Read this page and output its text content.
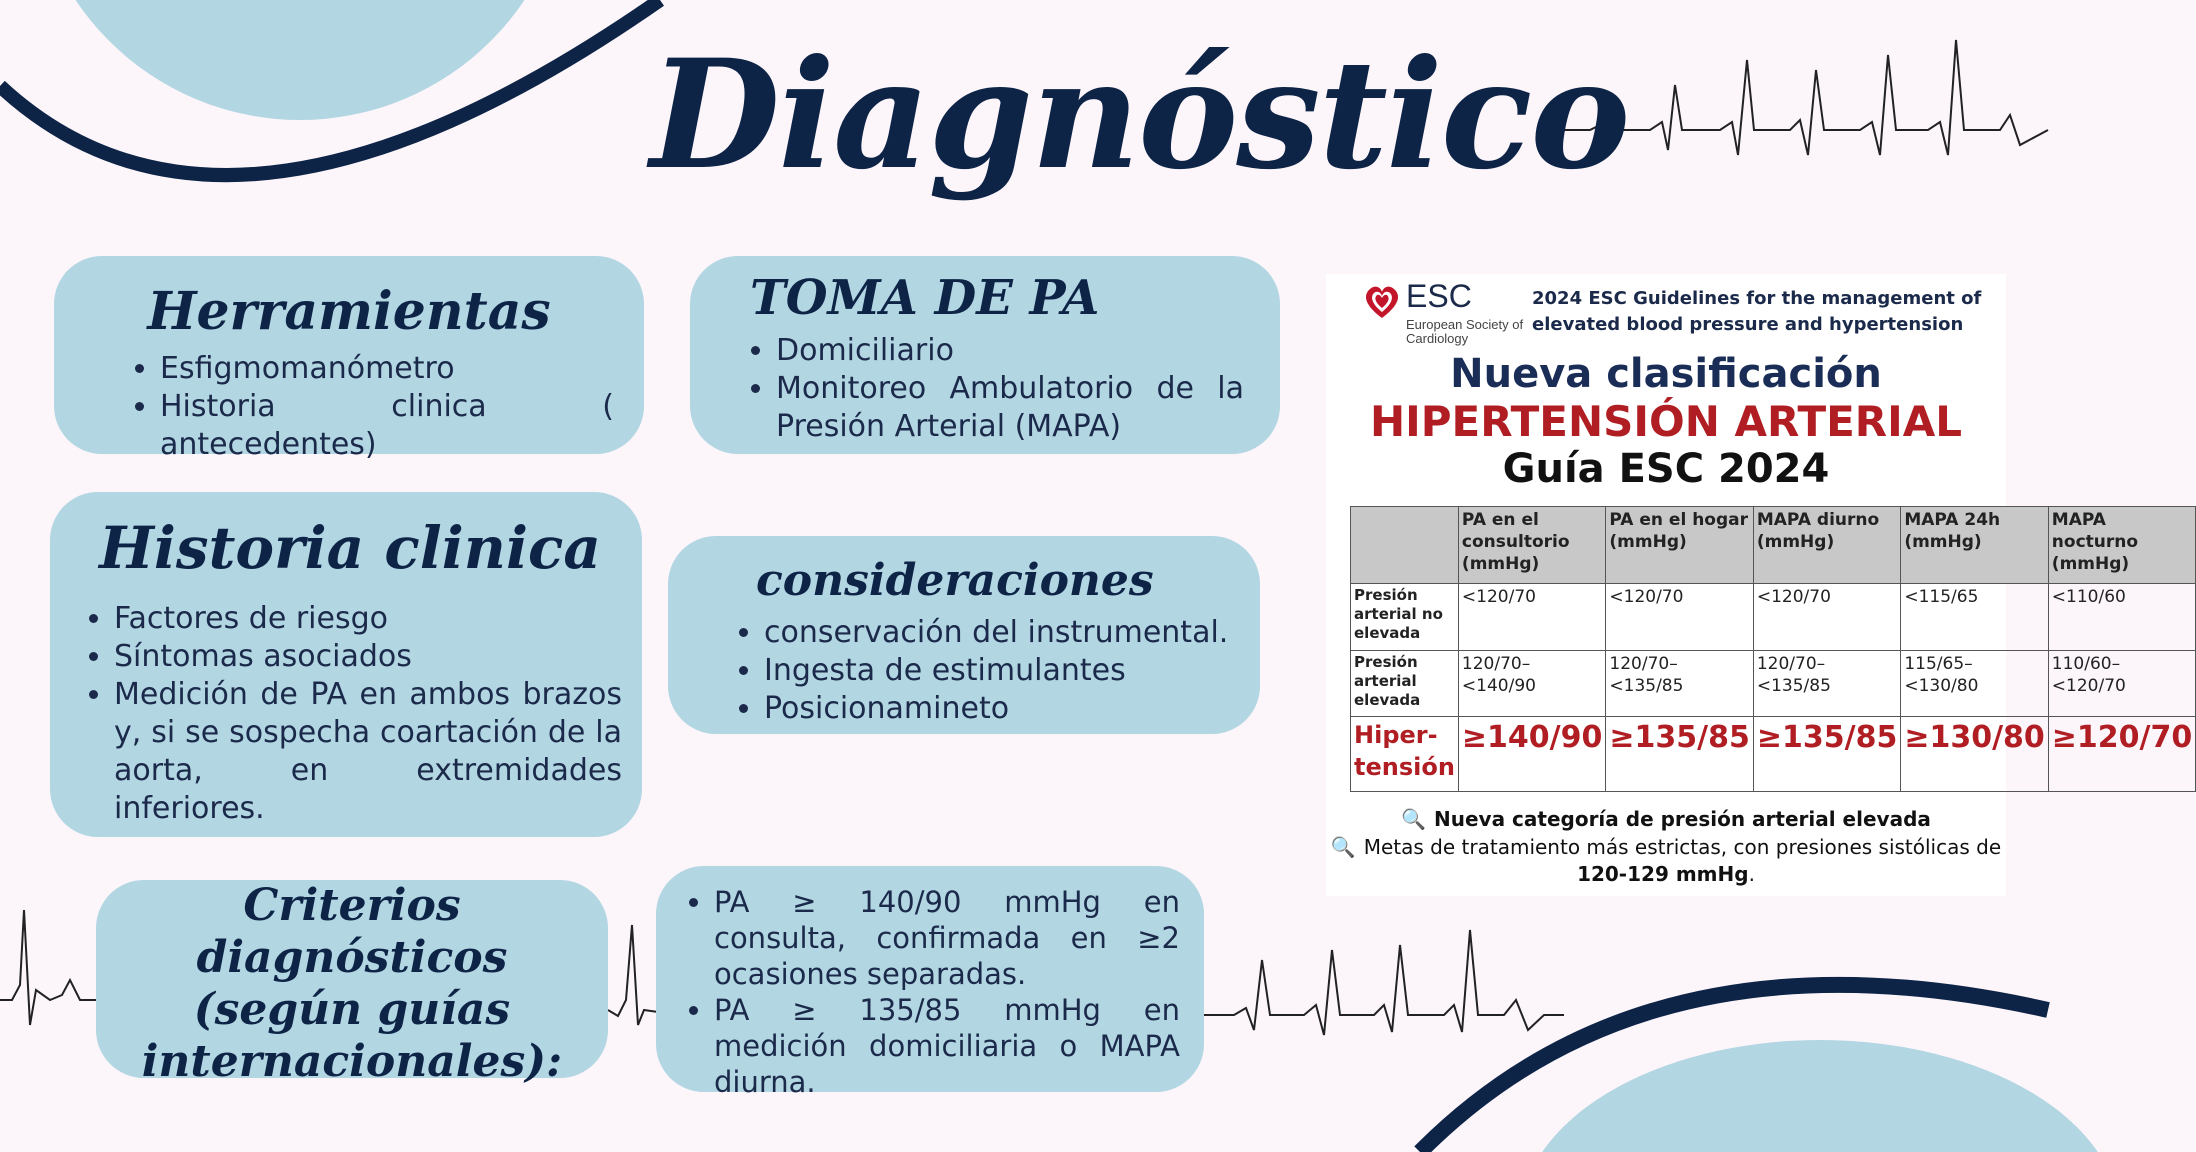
Diagnóstico
Herramientas
• Esfigmomanómetro
• Historia clinica ( antecedentes)
TOMA DE PA
• Domiciliario
• Monitoreo Ambulatorio de la Presión Arterial (MAPA)
Historia clinica
• Factores de riesgo
• Síntomas asociados
• Medición de PA en ambos brazos y, si se sospecha coartación de la aorta, en extremidades inferiores.
consideraciones
• conservación del instrumental.
• Ingesta de estimulantes
• Posicionamineto
Criterios diagnósticos (según guías internacionales):
• PA ≥ 140/90 mmHg en consulta, confirmada en ≥2 ocasiones separadas.
• PA ≥ 135/85 mmHg en medición domiciliaria o MAPA diurna.
ESC
European Society of Cardiology
2024 ESC Guidelines for the management of elevated blood pressure and hypertension
Nueva clasificación
HIPERTENSIÓN ARTERIAL
Guía ESC 2024
	PA en el consultorio (mmHg)	PA en el hogar (mmHg)	MAPA diurno (mmHg)	MAPA 24h (mmHg)	MAPA nocturno (mmHg)
Presión arterial no elevada	<120/70	<120/70	<120/70	<115/65	<110/60
Presión arterial elevada	120/70–<140/90	120/70–<135/85	120/70–<135/85	115/65–<130/80	110/60–<120/70
Hiper-tensión	≥140/90	≥135/85	≥135/85	≥130/80	≥120/70
🔍 Nueva categoría de presión arterial elevada
🔍 Metas de tratamiento más estrictas, con presiones sistólicas de 120-129 mmHg.
